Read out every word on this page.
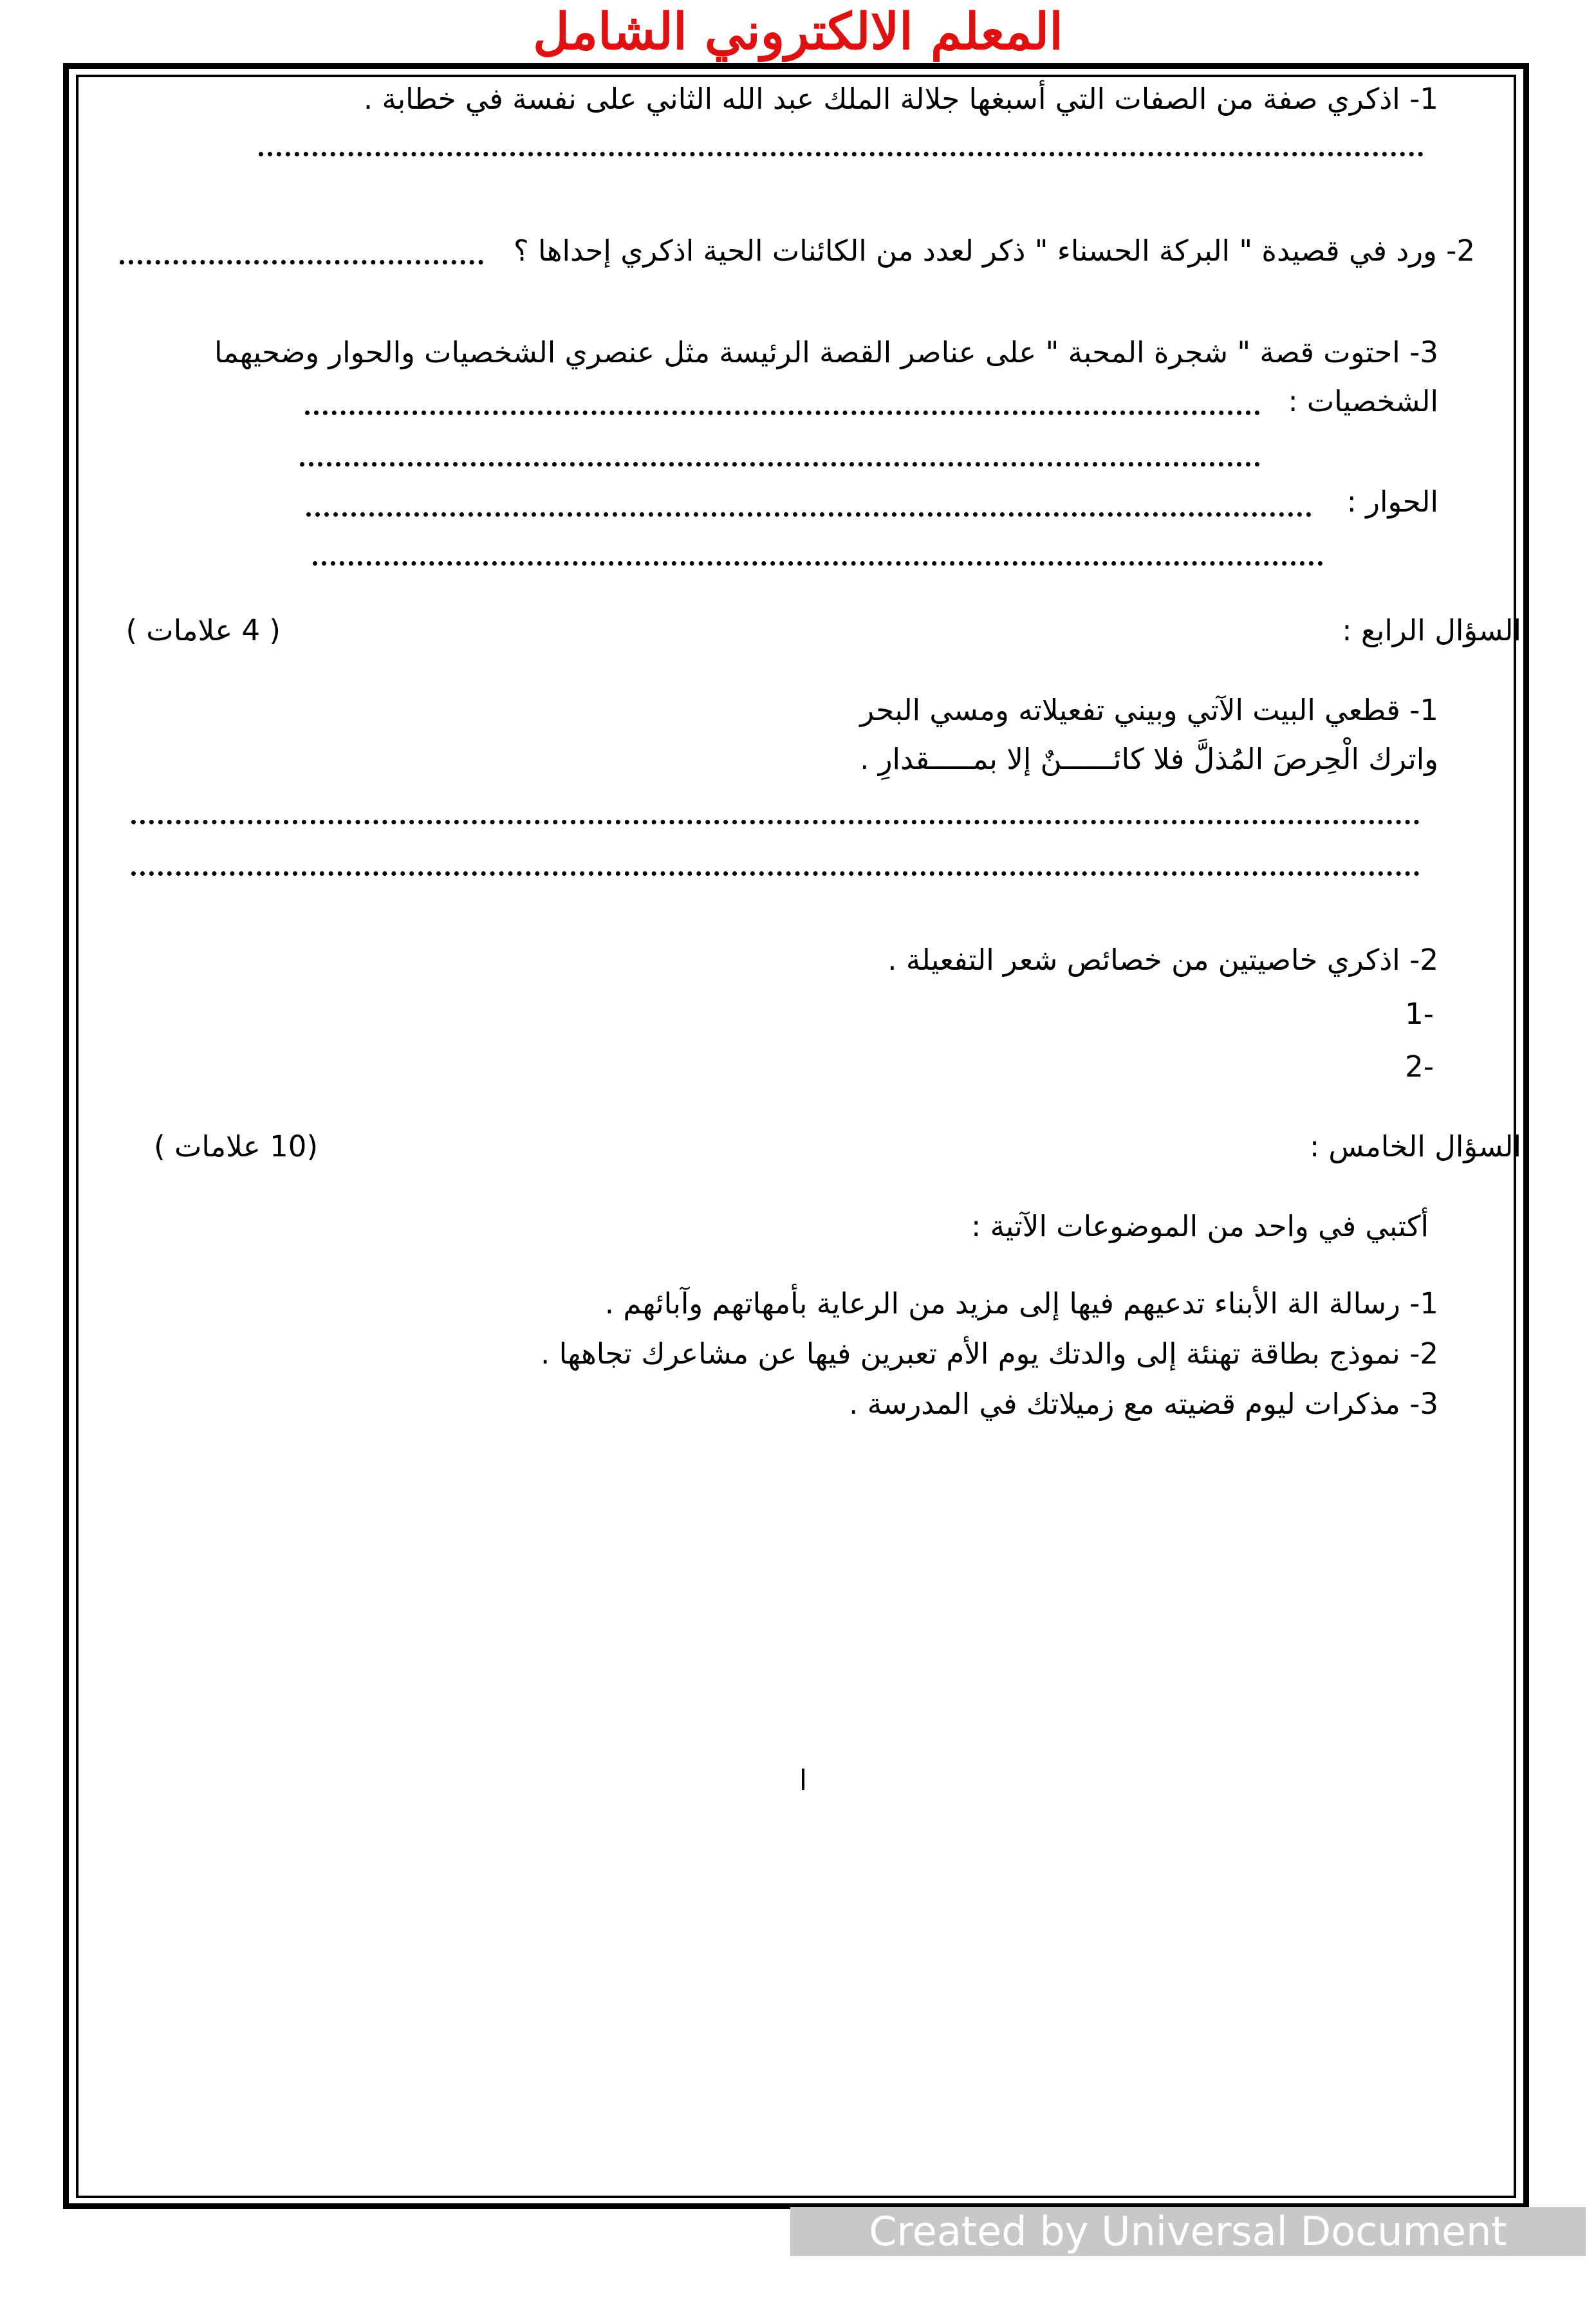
المعلم الالكتروني الشامل
1- اذكري صفة من الصفات التي أسبغها جلالة الملك عبد الله الثاني على نفسة في خطابة .
2- ورد في قصيدة " البركة الحسناء " ذكر لعدد من الكائنات الحية اذكري إحداها ؟
3- احتوت قصة " شجرة المحبة " على عناصر القصة الرئيسة مثل عنصري الشخصيات والحوار وضحيهما
الشخصيات :
الحوار :
السؤال الرابع :
( 4 علامات )
1- قطعي البيت الآتي وبيني تفعيلاته ومسي البحر
واترك الْحِرصَ المُذلَّ فلا كائــــــنٌ إلا بمـــــقدارِ .
2- اذكري خاصيتين من خصائص شعر التفعيلة .
-1
-2
السؤال الخامس :
(10 علامات )
أكتبي في واحد من الموضوعات الآتية :
1- رسالة الة الأبناء تدعيهم فيها إلى مزيد من الرعاية بأمهاتهم وآبائهم .
2- نموذج بطاقة تهنئة إلى والدتك يوم الأم تعبرين فيها عن مشاعرك تجاهها .
3- مذكرات ليوم قضيته مع زميلاتك في المدرسة .
ا
Created by Universal Document Converter
